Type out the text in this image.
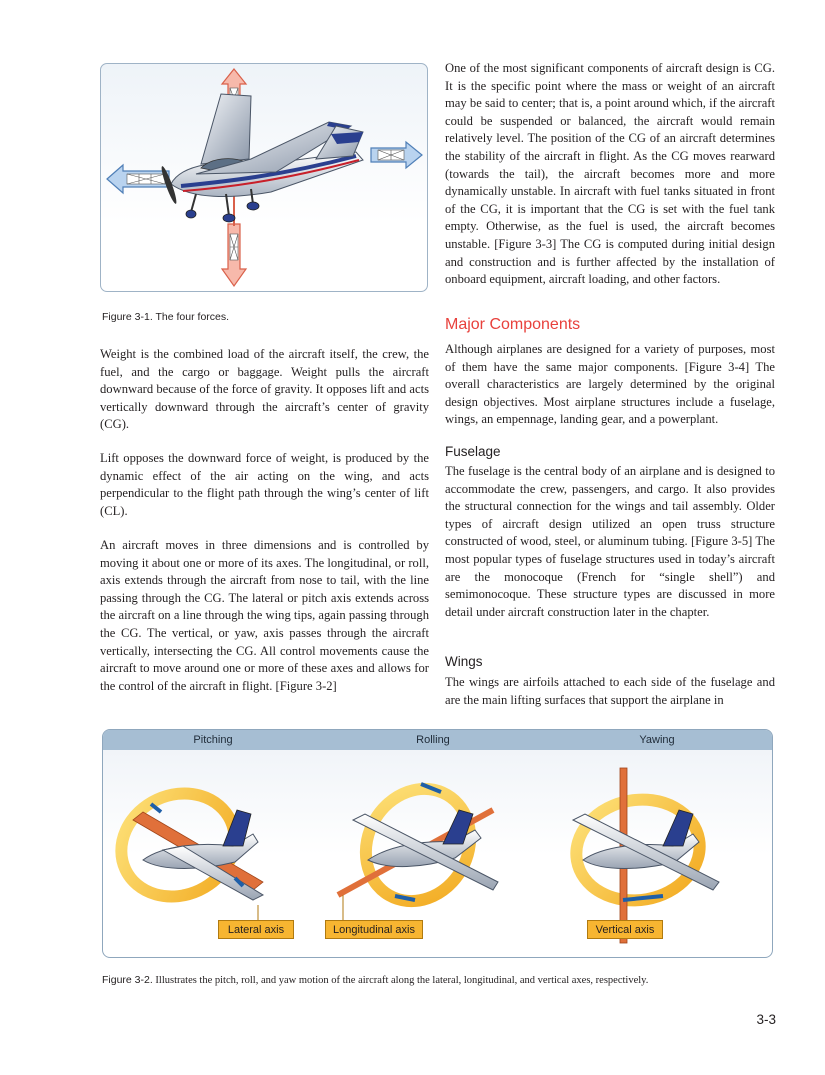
Figure 3-1. The four forces.

Weight is the combined load of the aircraft itself, the crew, the fuel, and the cargo or baggage. Weight pulls the aircraft downward because of the force of gravity. It opposes lift and acts vertically downward through the aircraft’s center of gravity (CG).

Lift opposes the downward force of weight, is produced by the dynamic effect of the air acting on the wing, and acts perpendicular to the flight path through the wing’s center of lift (CL).

An aircraft moves in three dimensions and is controlled by moving it about one or more of its axes. The longitudinal, or roll, axis extends through the aircraft from nose to tail, with the line passing through the CG. The lateral or pitch axis extends across the aircraft on a line through the wing tips, again passing through the CG. The vertical, or yaw, axis passes through the aircraft vertically, intersecting the CG. All control movements cause the aircraft to move around one or more of these axes and allows for the control of the aircraft in flight. [Figure 3-2]

One of the most significant components of aircraft design is CG. It is the specific point where the mass or weight of an aircraft may be said to center; that is, a point around which, if the aircraft could be suspended or balanced, the aircraft would remain relatively level. The position of the CG of an aircraft determines the stability of the aircraft in flight. As the CG moves rearward (towards the tail), the aircraft becomes more and more dynamically unstable. In aircraft with fuel tanks situated in front of the CG, it is important that the CG is set with the fuel tank empty. Otherwise, as the fuel is used, the aircraft becomes unstable. [Figure 3-3] The CG is computed during initial design and construction and is further affected by the installation of onboard equipment, aircraft loading, and other factors.

Major Components

Although airplanes are designed for a variety of purposes, most of them have the same major components. [Figure 3-4] The overall characteristics are largely determined by the original design objectives. Most airplane structures include a fuselage, wings, an empennage, landing gear, and a powerplant.

Fuselage

The fuselage is the central body of an airplane and is designed to accommodate the crew, passengers, and cargo. It also provides the structural connection for the wings and tail assembly. Older types of aircraft design utilized an open truss structure constructed of wood, steel, or aluminum tubing. [Figure 3-5] The most popular types of fuselage structures used in today’s aircraft are the monocoque (French for “single shell”) and semimonocoque. These structure types are discussed in more detail under aircraft construction later in the chapter.

Wings

The wings are airfoils attached to each side of the fuselage and are the main lifting surfaces that support the airplane in

Pitching	Rolling	Yawing
Lateral axis	Longitudinal axis	Vertical axis
Figure 3-2. Illustrates the pitch, roll, and yaw motion of the aircraft along the lateral, longitudinal, and vertical axes, respectively.
3-3
